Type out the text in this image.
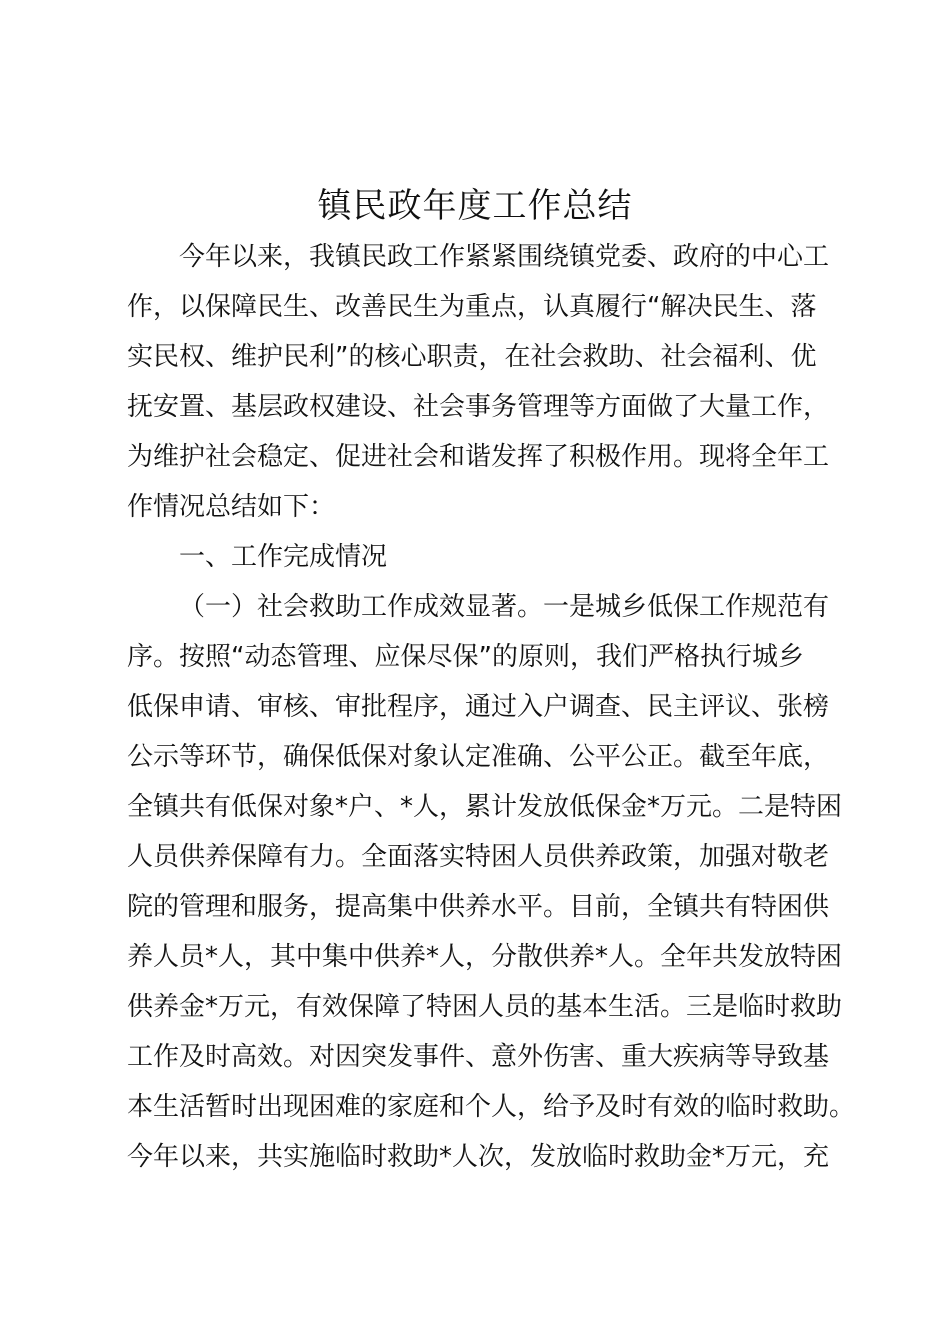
镇民政年度工作总结
今年以来，我镇民政工作紧紧围绕镇党委、政府的中心工
作，以保障民生、改善民生为重点，认真履行“解决民生、落
实民权、维护民利”的核心职责，在社会救助、社会福利、优
抚安置、基层政权建设、社会事务管理等方面做了大量工作，
为维护社会稳定、促进社会和谐发挥了积极作用。现将全年工
作情况总结如下：
一、工作完成情况
（一）社会救助工作成效显著。一是城乡低保工作规范有
序。按照“动态管理、应保尽保”的原则，我们严格执行城乡
低保申请、审核、审批程序，通过入户调查、民主评议、张榜
公示等环节，确保低保对象认定准确、公平公正。截至年底，
全镇共有低保对象*户、*人，累计发放低保金*万元。二是特困
人员供养保障有力。全面落实特困人员供养政策，加强对敬老
院的管理和服务，提高集中供养水平。目前，全镇共有特困供
养人员*人，其中集中供养*人，分散供养*人。全年共发放特困
供养金*万元，有效保障了特困人员的基本生活。三是临时救助
工作及时高效。对因突发事件、意外伤害、重大疾病等导致基
本生活暂时出现困难的家庭和个人，给予及时有效的临时救助。
今年以来，共实施临时救助*人次，发放临时救助金*万元，充
